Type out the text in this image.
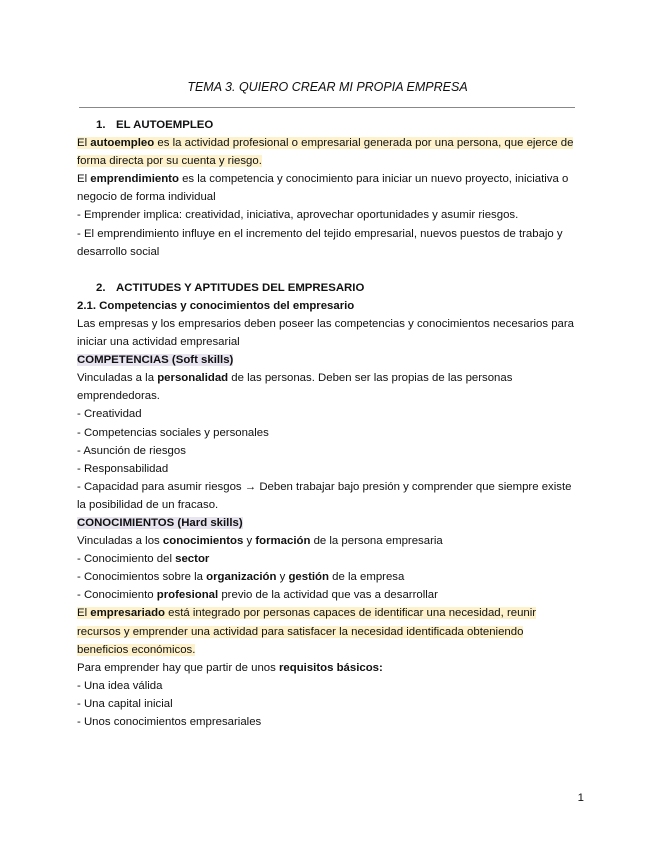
TEMA 3. QUIERO CREAR MI PROPIA EMPRESA

1. EL AUTOEMPLEO

El autoempleo es la actividad profesional o empresarial generada por una persona, que ejerce de forma directa por su cuenta y riesgo.

El emprendimiento es la competencia y conocimiento para iniciar un nuevo proyecto, iniciativa o negocio de forma individual

- Emprender implica: creatividad, iniciativa, aprovechar oportunidades y asumir riesgos.

- El emprendimiento influye en el incremento del tejido empresarial, nuevos puestos de trabajo y desarrollo social

2. ACTITUDES Y APTITUDES DEL EMPRESARIO

2.1. Competencias y conocimientos del empresario

Las empresas y los empresarios deben poseer las competencias y conocimientos necesarios para iniciar una actividad empresarial

COMPETENCIAS (Soft skills)

Vinculadas a la personalidad de las personas. Deben ser las propias de las personas emprendedoras.

- Creatividad

- Competencias sociales y personales

- Asunción de riesgos

- Responsabilidad

- Capacidad para asumir riesgos → Deben trabajar bajo presión y comprender que siempre existe la posibilidad de un fracaso.

CONOCIMIENTOS (Hard skills)

Vinculadas a los conocimientos y formación de la persona empresaria

- Conocimiento del sector

- Conocimientos sobre la organización y gestión de la empresa

- Conocimiento profesional previo de la actividad que vas a desarrollar

El empresariado está integrado por personas capaces de identificar una necesidad, reunir recursos y emprender una actividad para satisfacer la necesidad identificada obteniendo beneficios económicos.

Para emprender hay que partir de unos requisitos básicos:

- Una idea válida

- Una capital inicial

- Unos conocimientos empresariales

1
